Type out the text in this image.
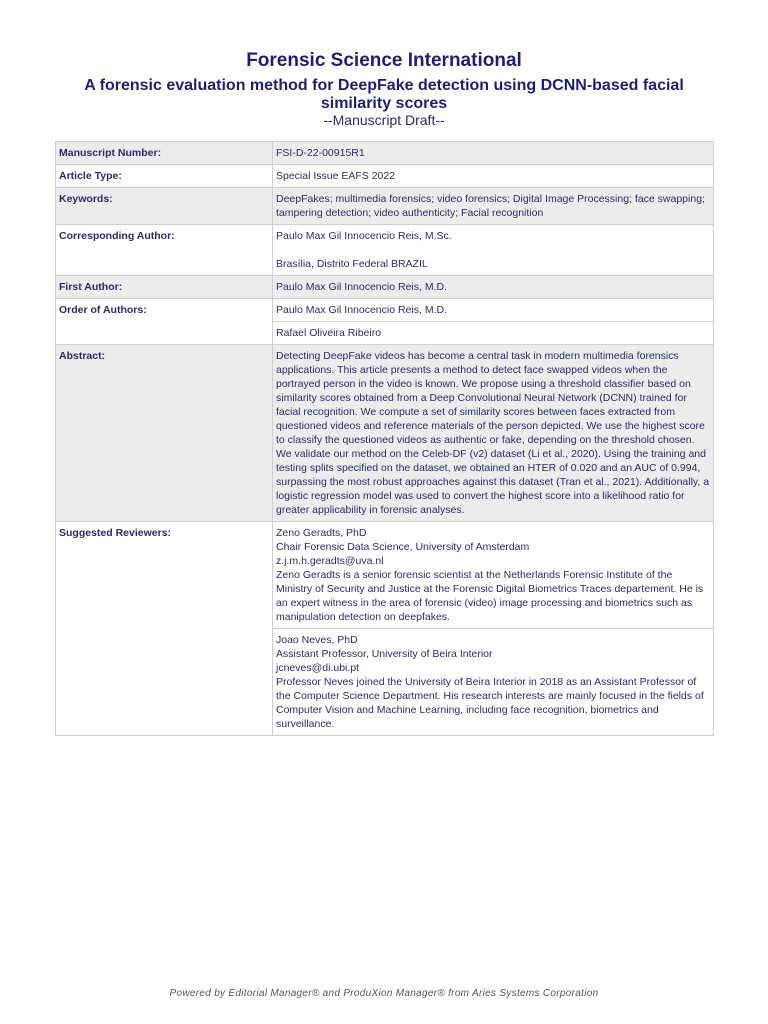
Forensic Science International
A forensic evaluation method for DeepFake detection using DCNN-based facial similarity scores
--Manuscript Draft--
Manuscript Number:	FSI-D-22-00915R1
Article Type:	Special Issue EAFS 2022
Keywords:	DeepFakes; multimedia forensics; video forensics; Digital Image Processing; face swapping; tampering detection; video authenticity; Facial recognition
Corresponding Author:	Paulo Max Gil Innocencio Reis, M.Sc.
Brasília, Distrito Federal BRAZIL

First Author:	Paulo Max Gil Innocencio Reis, M.D.
Order of Authors:	Paulo Max Gil Innocencio Reis, M.D.
	Rafael Oliveira Ribeiro
Abstract:	Detecting DeepFake videos has become a central task in modern multimedia forensics applications. This article presents a method to detect face swapped videos when the portrayed person in the video is known. We propose using a threshold classifier based on similarity scores obtained from a Deep Convolutional Neural Network (DCNN) trained for facial recognition. We compute a set of similarity scores between faces extracted from questioned videos and reference materials of the person depicted. We use the highest score to classify the questioned videos as authentic or fake, depending on the threshold chosen. We validate our method on the Celeb-DF (v2) dataset (Li et al., 2020). Using the training and testing splits specified on the dataset, we obtained an HTER of 0.020 and an AUC of 0.994, surpassing the most robust approaches against this dataset (Tran et al., 2021). Additionally, a logistic regression model was used to convert the highest score into a likelihood ratio for greater applicability in forensic analyses.
Suggested Reviewers:	Zeno Geradts, PhD
Chair Forensic Data Science, University of Amsterdam
z.j.m.h.geradts@uva.nl
Zeno Geradts is a senior forensic scientist at the Netherlands Forensic Institute of the Ministry of Security and Justice at the Forensic Digital Biometrics Traces departement. He is an expert witness in the area of forensic (video) image processing and biometrics such as manipulation detection on deepfakes.

	Joao Neves, PhD
Assistant Professor, University of Beira Interior
jcneves@di.ubi.pt
Professor Neves joined the University of Beira Interior in 2018 as an Assistant Professor of the Computer Science Department. His research interests are mainly focused in the fields of Computer Vision and Machine Learning, including face recognition, biometrics and surveillance.
Powered by Editorial Manager® and ProduXion Manager® from Aries Systems Corporation
